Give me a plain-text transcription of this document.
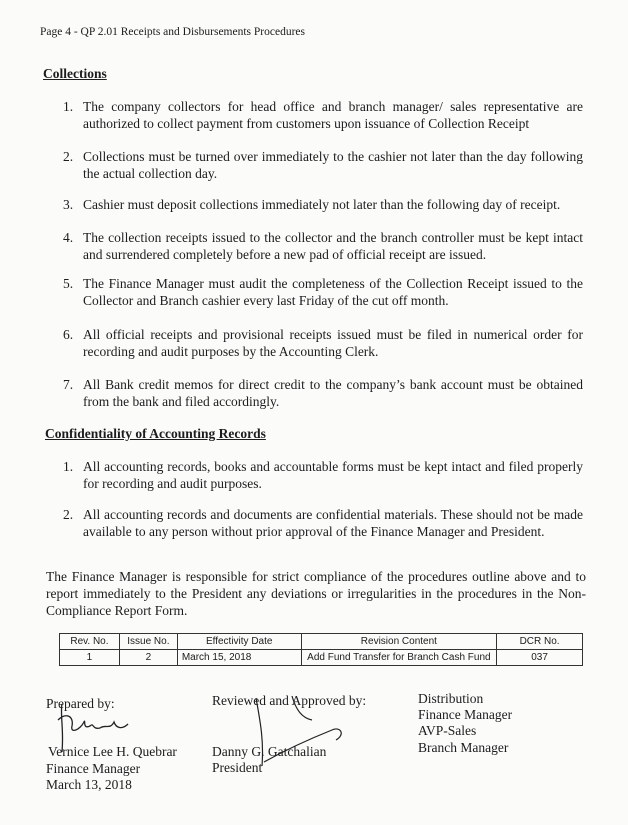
Page 4 - QP 2.01 Receipts and Disbursements Procedures
Collections
1. The company collectors for head office and branch manager/ sales representative are authorized to collect payment from customers upon issuance of Collection Receipt
2. Collections must be turned over immediately to the cashier not later than the day following the actual collection day.
3. Cashier must deposit collections immediately not later than the following day of receipt.
4. The collection receipts issued to the collector and the branch controller must be kept intact and surrendered completely before a new pad of official receipt are issued.
5. The Finance Manager must audit the completeness of the Collection Receipt issued to the Collector and Branch cashier every last Friday of the cut off month.
6. All official receipts and provisional receipts issued must be filed in numerical order for recording and audit purposes by the Accounting Clerk.
7. All Bank credit memos for direct credit to the company’s bank account must be obtained from the bank and filed accordingly.
Confidentiality of Accounting Records
1. All accounting records, books and accountable forms must be kept intact and filed properly for recording and audit purposes.
2. All accounting records and documents are confidential materials. These should not be made available to any person without prior approval of the Finance Manager and President.
The Finance Manager is responsible for strict compliance of the procedures outline above and to report immediately to the President any deviations or irregularities in the procedures in the Non-Compliance Report Form.
Rev. No.	Issue No.	Effectivity Date	Revision Content	DCR No.
1	2	March 15, 2018	Add Fund Transfer for Branch Cash Fund	037
Prepared by:
Vernice Lee H. Quebrar
Finance Manager
March 13, 2018
Reviewed and Approved by:
Danny G. Gatchalian
President
Distribution
Finance Manager
AVP-Sales
Branch Manager
